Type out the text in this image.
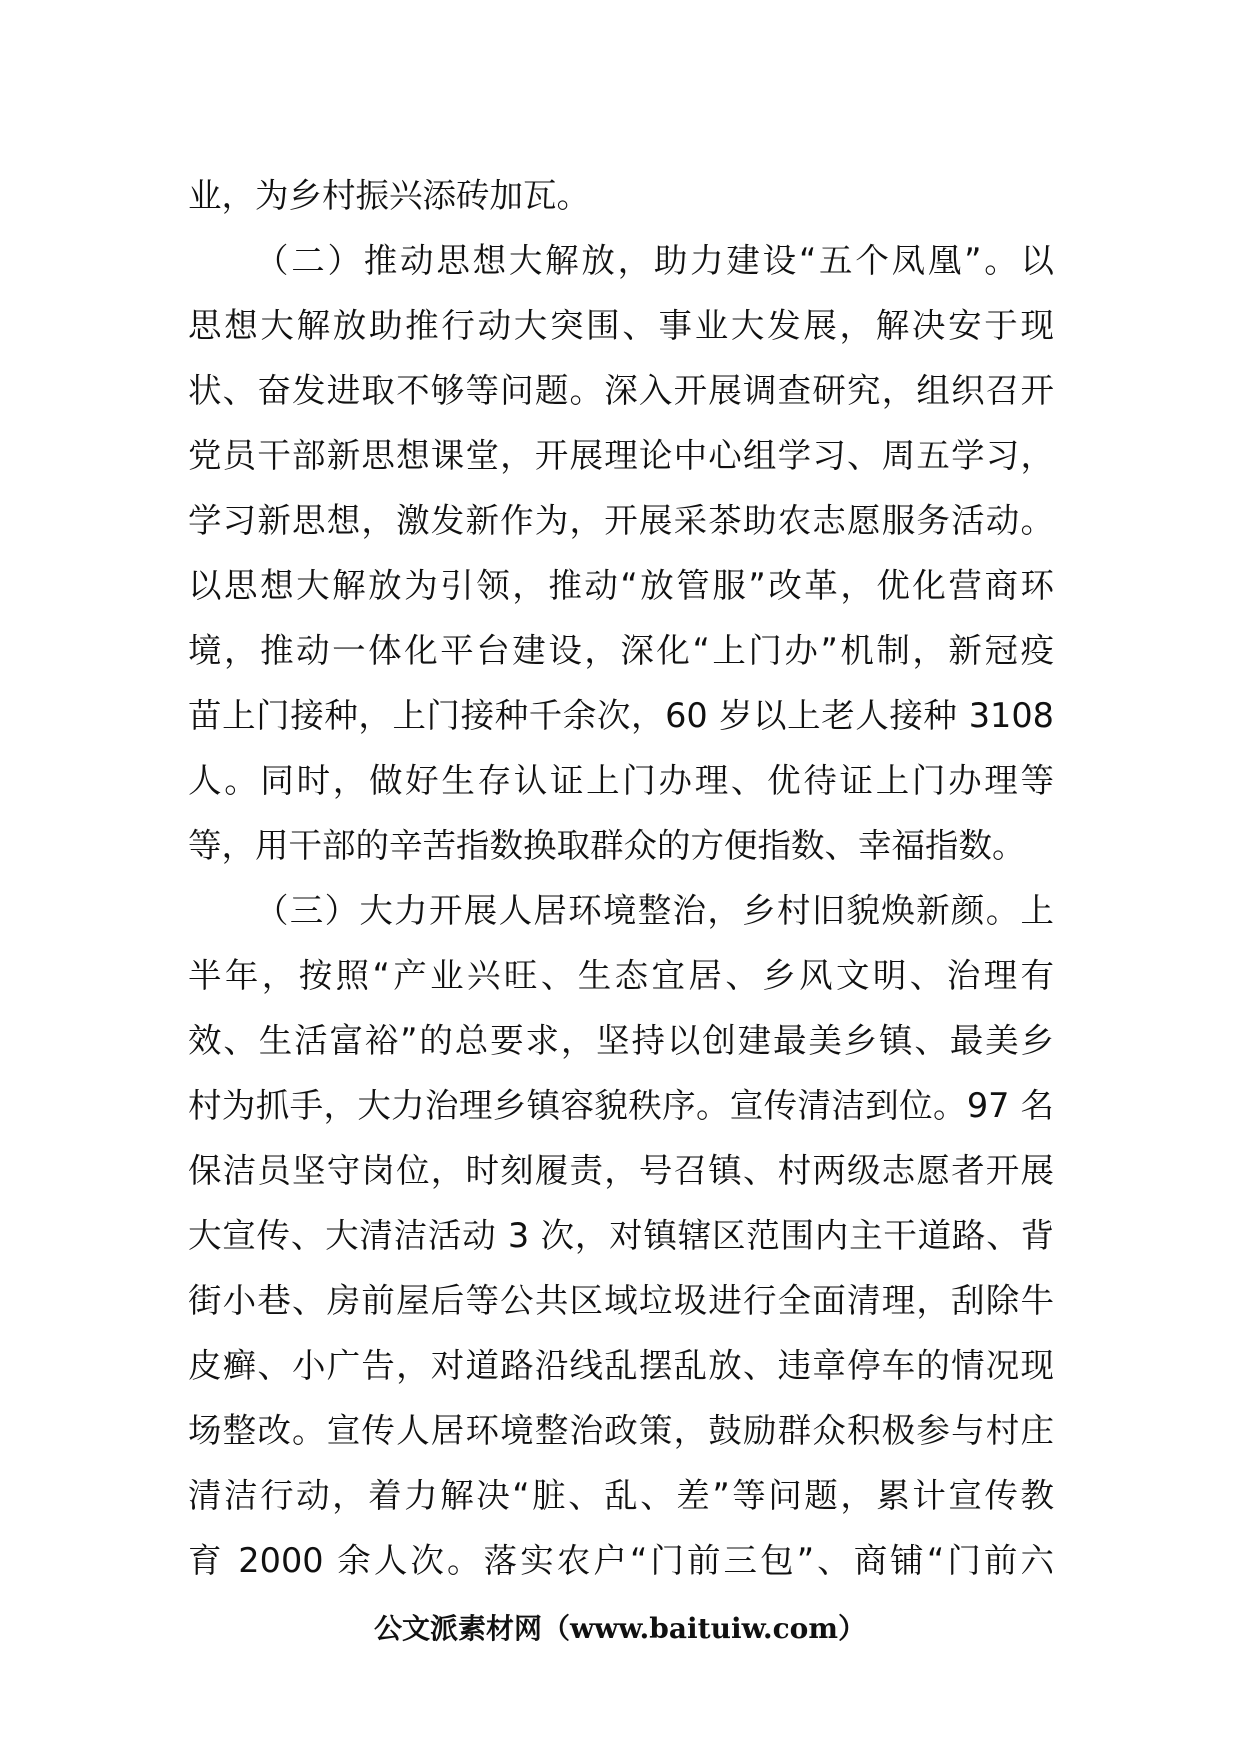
业，为乡村振兴添砖加瓦。
（二）推动思想大解放，助力建设“五个凤凰”。以
思想大解放助推行动大突围、事业大发展，解决安于现
状、奋发进取不够等问题。深入开展调查研究，组织召开
党员干部新思想课堂，开展理论中心组学习、周五学习，
学习新思想，激发新作为，开展采茶助农志愿服务活动。
以思想大解放为引领，推动“放管服”改革，优化营商环
境，推动一体化平台建设，深化“上门办”机制，新冠疫
苗上门接种，上门接种千余次，60 岁以上老人接种 3108
人。同时，做好生存认证上门办理、优待证上门办理等
等，用干部的辛苦指数换取群众的方便指数、幸福指数。
（三）大力开展人居环境整治，乡村旧貌焕新颜。上
半年，按照“产业兴旺、生态宜居、乡风文明、治理有
效、生活富裕”的总要求，坚持以创建最美乡镇、最美乡
村为抓手，大力治理乡镇容貌秩序。宣传清洁到位。97 名
保洁员坚守岗位，时刻履责，号召镇、村两级志愿者开展
大宣传、大清洁活动 3 次，对镇辖区范围内主干道路、背
街小巷、房前屋后等公共区域垃圾进行全面清理，刮除牛
皮癣、小广告，对道路沿线乱摆乱放、违章停车的情况现
场整改。宣传人居环境整治政策，鼓励群众积极参与村庄
清洁行动，着力解决“脏、乱、差”等问题，累计宣传教
育 2000 余人次。落实农户“门前三包”、商铺“门前六
公文派素材网（www.baituiw.com）
